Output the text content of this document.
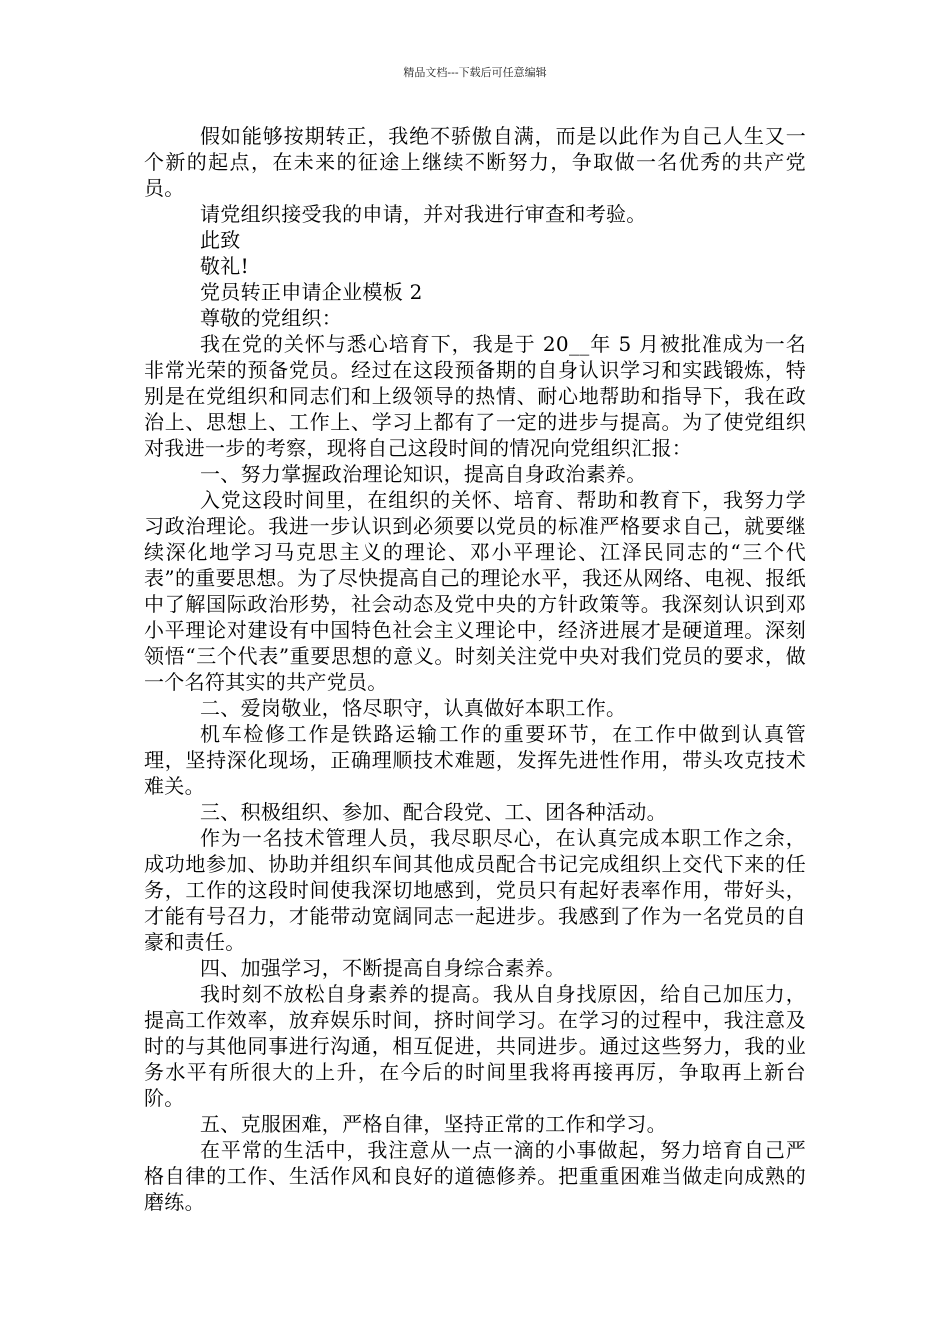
精品文档---下载后可任意编辑

假如能够按期转正，我绝不骄傲自满，而是以此作为自己人生又一个新的起点，在未来的征途上继续不断努力，争取做一名优秀的共产党员。

请党组织接受我的申请，并对我进行审查和考验。

此致

敬礼!

党员转正申请企业模板 2

尊敬的党组织：

我在党的关怀与悉心培育下，我是于 20__年 5 月被批准成为一名非常光荣的预备党员。经过在这段预备期的自身认识学习和实践锻炼，特别是在党组织和同志们和上级领导的热情、耐心地帮助和指导下，我在政治上、思想上、工作上、学习上都有了一定的进步与提高。为了使党组织对我进一步的考察，现将自己这段时间的情况向党组织汇报：

一、努力掌握政治理论知识，提高自身政治素养。

入党这段时间里，在组织的关怀、培育、帮助和教育下，我努力学习政治理论。我进一步认识到必须要以党员的标准严格要求自己，就要继续深化地学习马克思主义的理论、邓小平理论、江泽民同志的“三个代表”的重要思想。为了尽快提高自己的理论水平，我还从网络、电视、报纸中了解国际政治形势，社会动态及党中央的方针政策等。我深刻认识到邓小平理论对建设有中国特色社会主义理论中，经济进展才是硬道理。深刻领悟“三个代表”重要思想的意义。时刻关注党中央对我们党员的要求，做一个名符其实的共产党员。

二、爱岗敬业，恪尽职守，认真做好本职工作。

机车检修工作是铁路运输工作的重要环节，在工作中做到认真管理，坚持深化现场，正确理顺技术难题，发挥先进性作用，带头攻克技术难关。

三、积极组织、参加、配合段党、工、团各种活动。

作为一名技术管理人员，我尽职尽心，在认真完成本职工作之余，成功地参加、协助并组织车间其他成员配合书记完成组织上交代下来的任务，工作的这段时间使我深切地感到，党员只有起好表率作用，带好头，才能有号召力，才能带动宽阔同志一起进步。我感到了作为一名党员的自豪和责任。

四、加强学习，不断提高自身综合素养。

我时刻不放松自身素养的提高。我从自身找原因，给自己加压力，提高工作效率，放弃娱乐时间，挤时间学习。在学习的过程中，我注意及时的与其他同事进行沟通，相互促进，共同进步。通过这些努力，我的业务水平有所很大的上升，在今后的时间里我将再接再厉，争取再上新台阶。

五、克服困难，严格自律，坚持正常的工作和学习。

在平常的生活中，我注意从一点一滴的小事做起，努力培育自己严格自律的工作、生活作风和良好的道德修养。把重重困难当做走向成熟的磨练。
